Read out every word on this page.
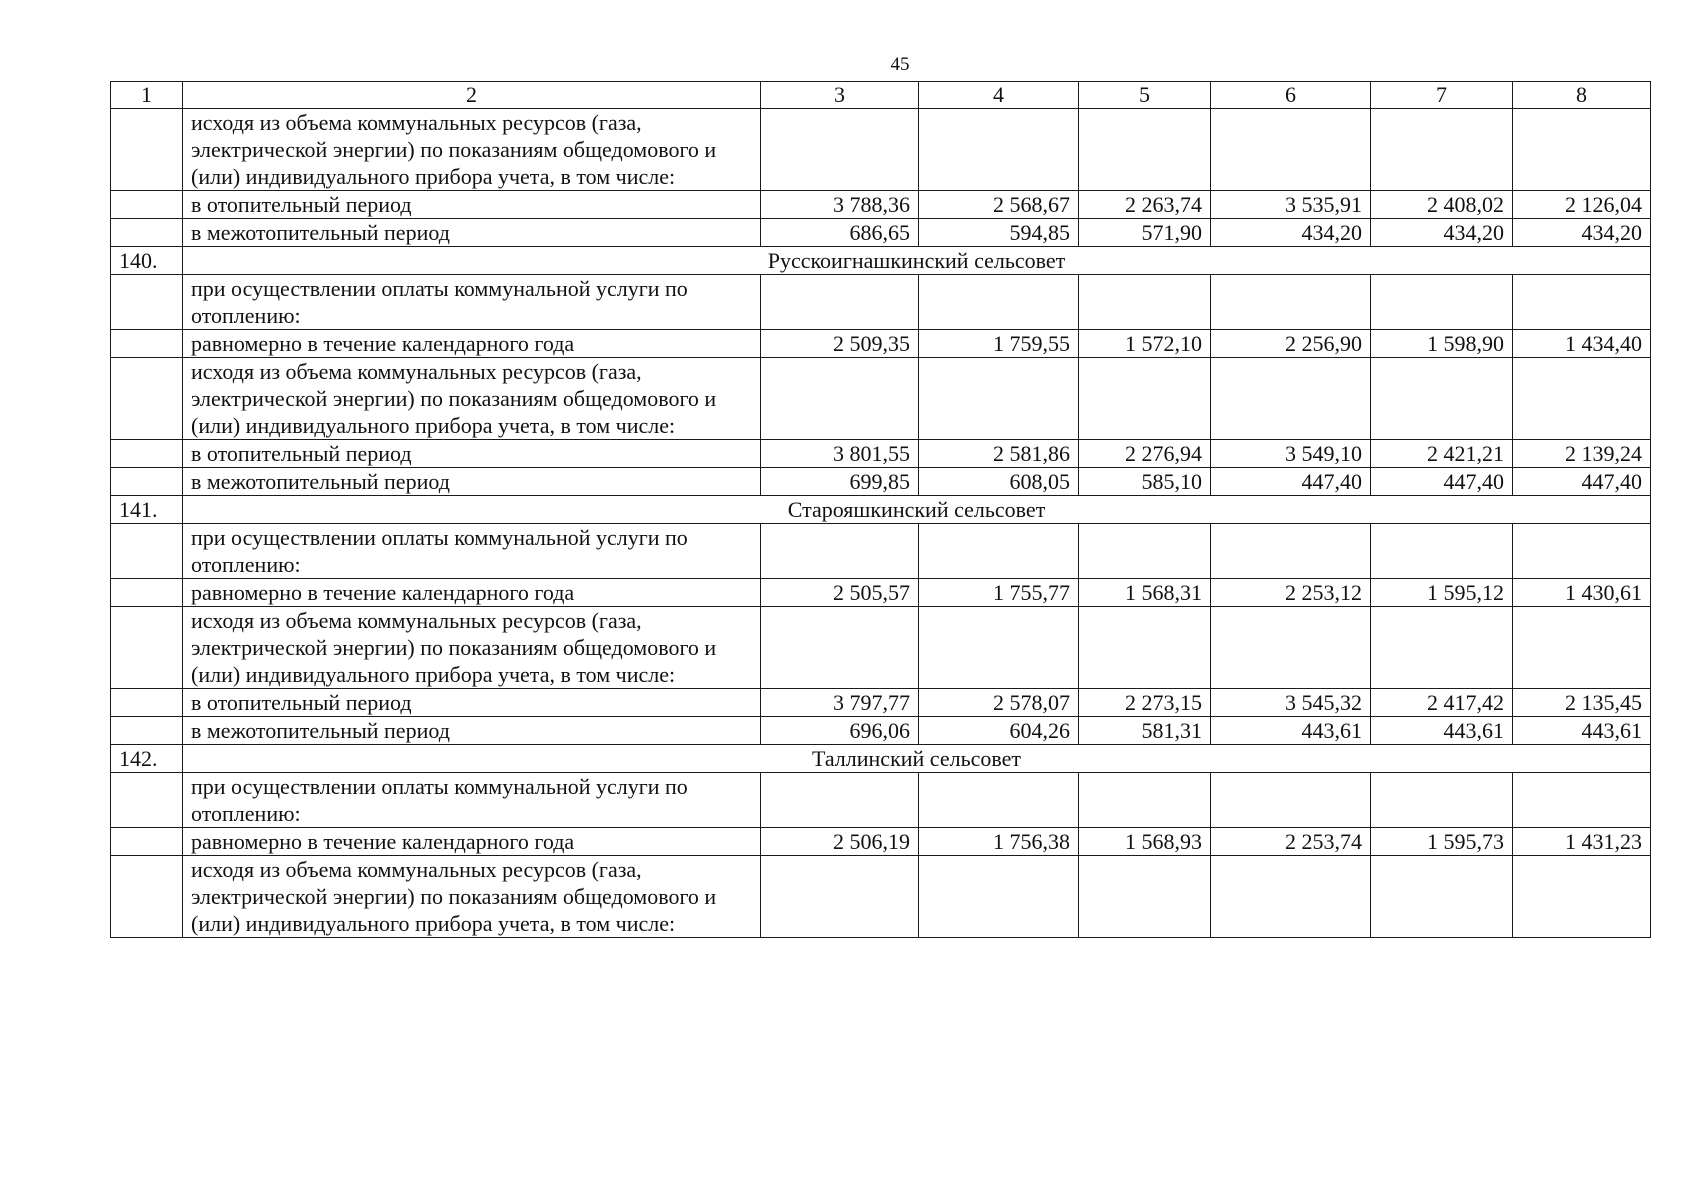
45
1	2	3	4	5	6	7	8
	исходя из объема коммунальных ресурсов (газа, электрической энергии) по показаниям общедомового и (или) индивидуального прибора учета, в том числе:						
	в отопительный период	3 788,36	2 568,67	2 263,74	3 535,91	2 408,02	2 126,04
	в межотопительный период	686,65	594,85	571,90	434,20	434,20	434,20
140.	Русскоигнашкинский сельсовет						
	при осуществлении оплаты коммунальной услуги по отоплению:						
	равномерно в течение календарного года	2 509,35	1 759,55	1 572,10	2 256,90	1 598,90	1 434,40
	исходя из объема коммунальных ресурсов (газа, электрической энергии) по показаниям общедомового и (или) индивидуального прибора учета, в том числе:						
	в отопительный период	3 801,55	2 581,86	2 276,94	3 549,10	2 421,21	2 139,24
	в межотопительный период	699,85	608,05	585,10	447,40	447,40	447,40
141.	Старояшкинский сельсовет						
	при осуществлении оплаты коммунальной услуги по отоплению:						
	равномерно в течение календарного года	2 505,57	1 755,77	1 568,31	2 253,12	1 595,12	1 430,61
	исходя из объема коммунальных ресурсов (газа, электрической энергии) по показаниям общедомового и (или) индивидуального прибора учета, в том числе:						
	в отопительный период	3 797,77	2 578,07	2 273,15	3 545,32	2 417,42	2 135,45
	в межотопительный период	696,06	604,26	581,31	443,61	443,61	443,61
142.	Таллинский сельсовет						
	при осуществлении оплаты коммунальной услуги по отоплению:						
	равномерно в течение календарного года	2 506,19	1 756,38	1 568,93	2 253,74	1 595,73	1 431,23
	исходя из объема коммунальных ресурсов (газа, электрической энергии) по показаниям общедомового и (или) индивидуального прибора учета, в том числе:						
